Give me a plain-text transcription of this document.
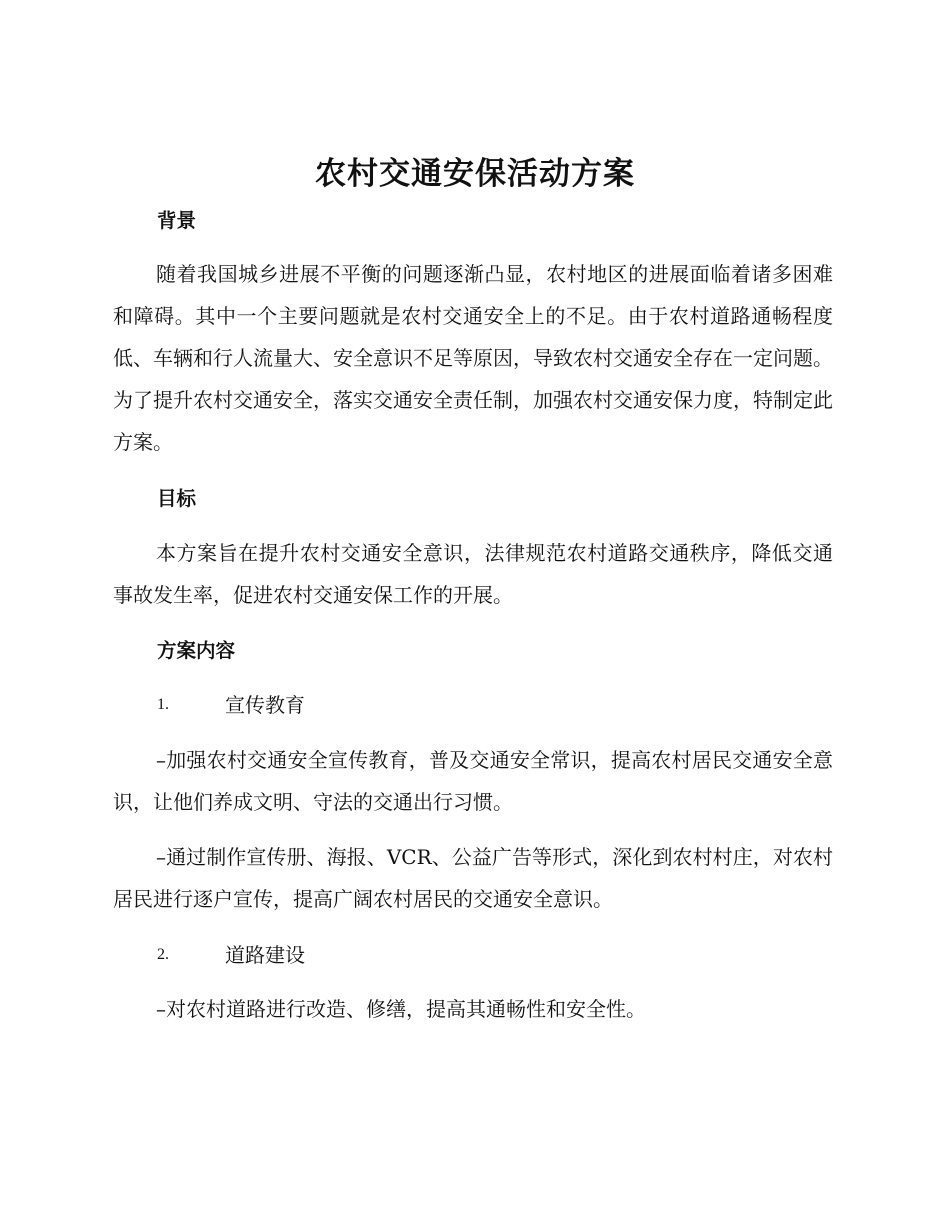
农村交通安保活动方案
背景

随着我国城乡进展不平衡的问题逐渐凸显，农村地区的进展面临着诸多困难和障碍。其中一个主要问题就是农村交通安全上的不足。由于农村道路通畅程度低、车辆和行人流量大、安全意识不足等原因，导致农村交通安全存在一定问题。为了提升农村交通安全，落实交通安全责任制，加强农村交通安保力度，特制定此方案。

目标

本方案旨在提升农村交通安全意识，法律规范农村道路交通秩序，降低交通事故发生率，促进农村交通安保工作的开展。

方案内容
1.	宣传教育

–加强农村交通安全宣传教育，普及交通安全常识，提高农村居民交通安全意识，让他们养成文明、守法的交通出行习惯。

–通过制作宣传册、海报、VCR、公益广告等形式，深化到农村村庄，对农村居民进行逐户宣传，提高广阔农村居民的交通安全意识。

2.	道路建设

–对农村道路进行改造、修缮，提高其通畅性和安全性。
